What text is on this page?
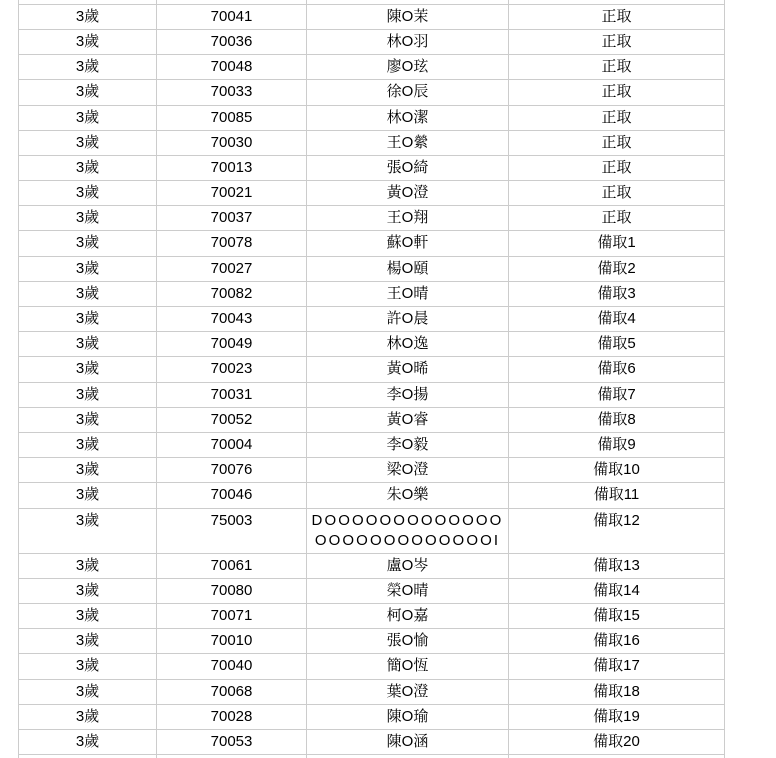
3歲	70041	陳O茉	正取
3歲	70036	林O羽	正取
3歲	70048	廖O玹	正取
3歲	70033	徐O辰	正取
3歲	70085	林O潔	正取
3歲	70030	王O縈	正取
3歲	70013	張O綺	正取
3歲	70021	黃O澄	正取
3歲	70037	王O翔	正取
3歲	70078	蘇O軒	備取1
3歲	70027	楊O頤	備取2
3歲	70082	王O晴	備取3
3歲	70043	許O晨	備取4
3歲	70049	林O逸	備取5
3歲	70023	黃O晞	備取6
3歲	70031	李O揚	備取7
3歲	70052	黃O睿	備取8
3歲	70004	李O毅	備取9
3歲	70076	梁O澄	備取10
3歲	70046	朱O樂	備取11
3歲	75003	DOOOOOOOOOOOOOOOOOOOOOOOOOOI	備取12
3歲	70061	盧O岑	備取13
3歲	70080	榮O晴	備取14
3歲	70071	柯O嘉	備取15
3歲	70010	張O愉	備取16
3歲	70040	簡O恆	備取17
3歲	70068	葉O澄	備取18
3歲	70028	陳O瑜	備取19
3歲	70053	陳O涵	備取20
